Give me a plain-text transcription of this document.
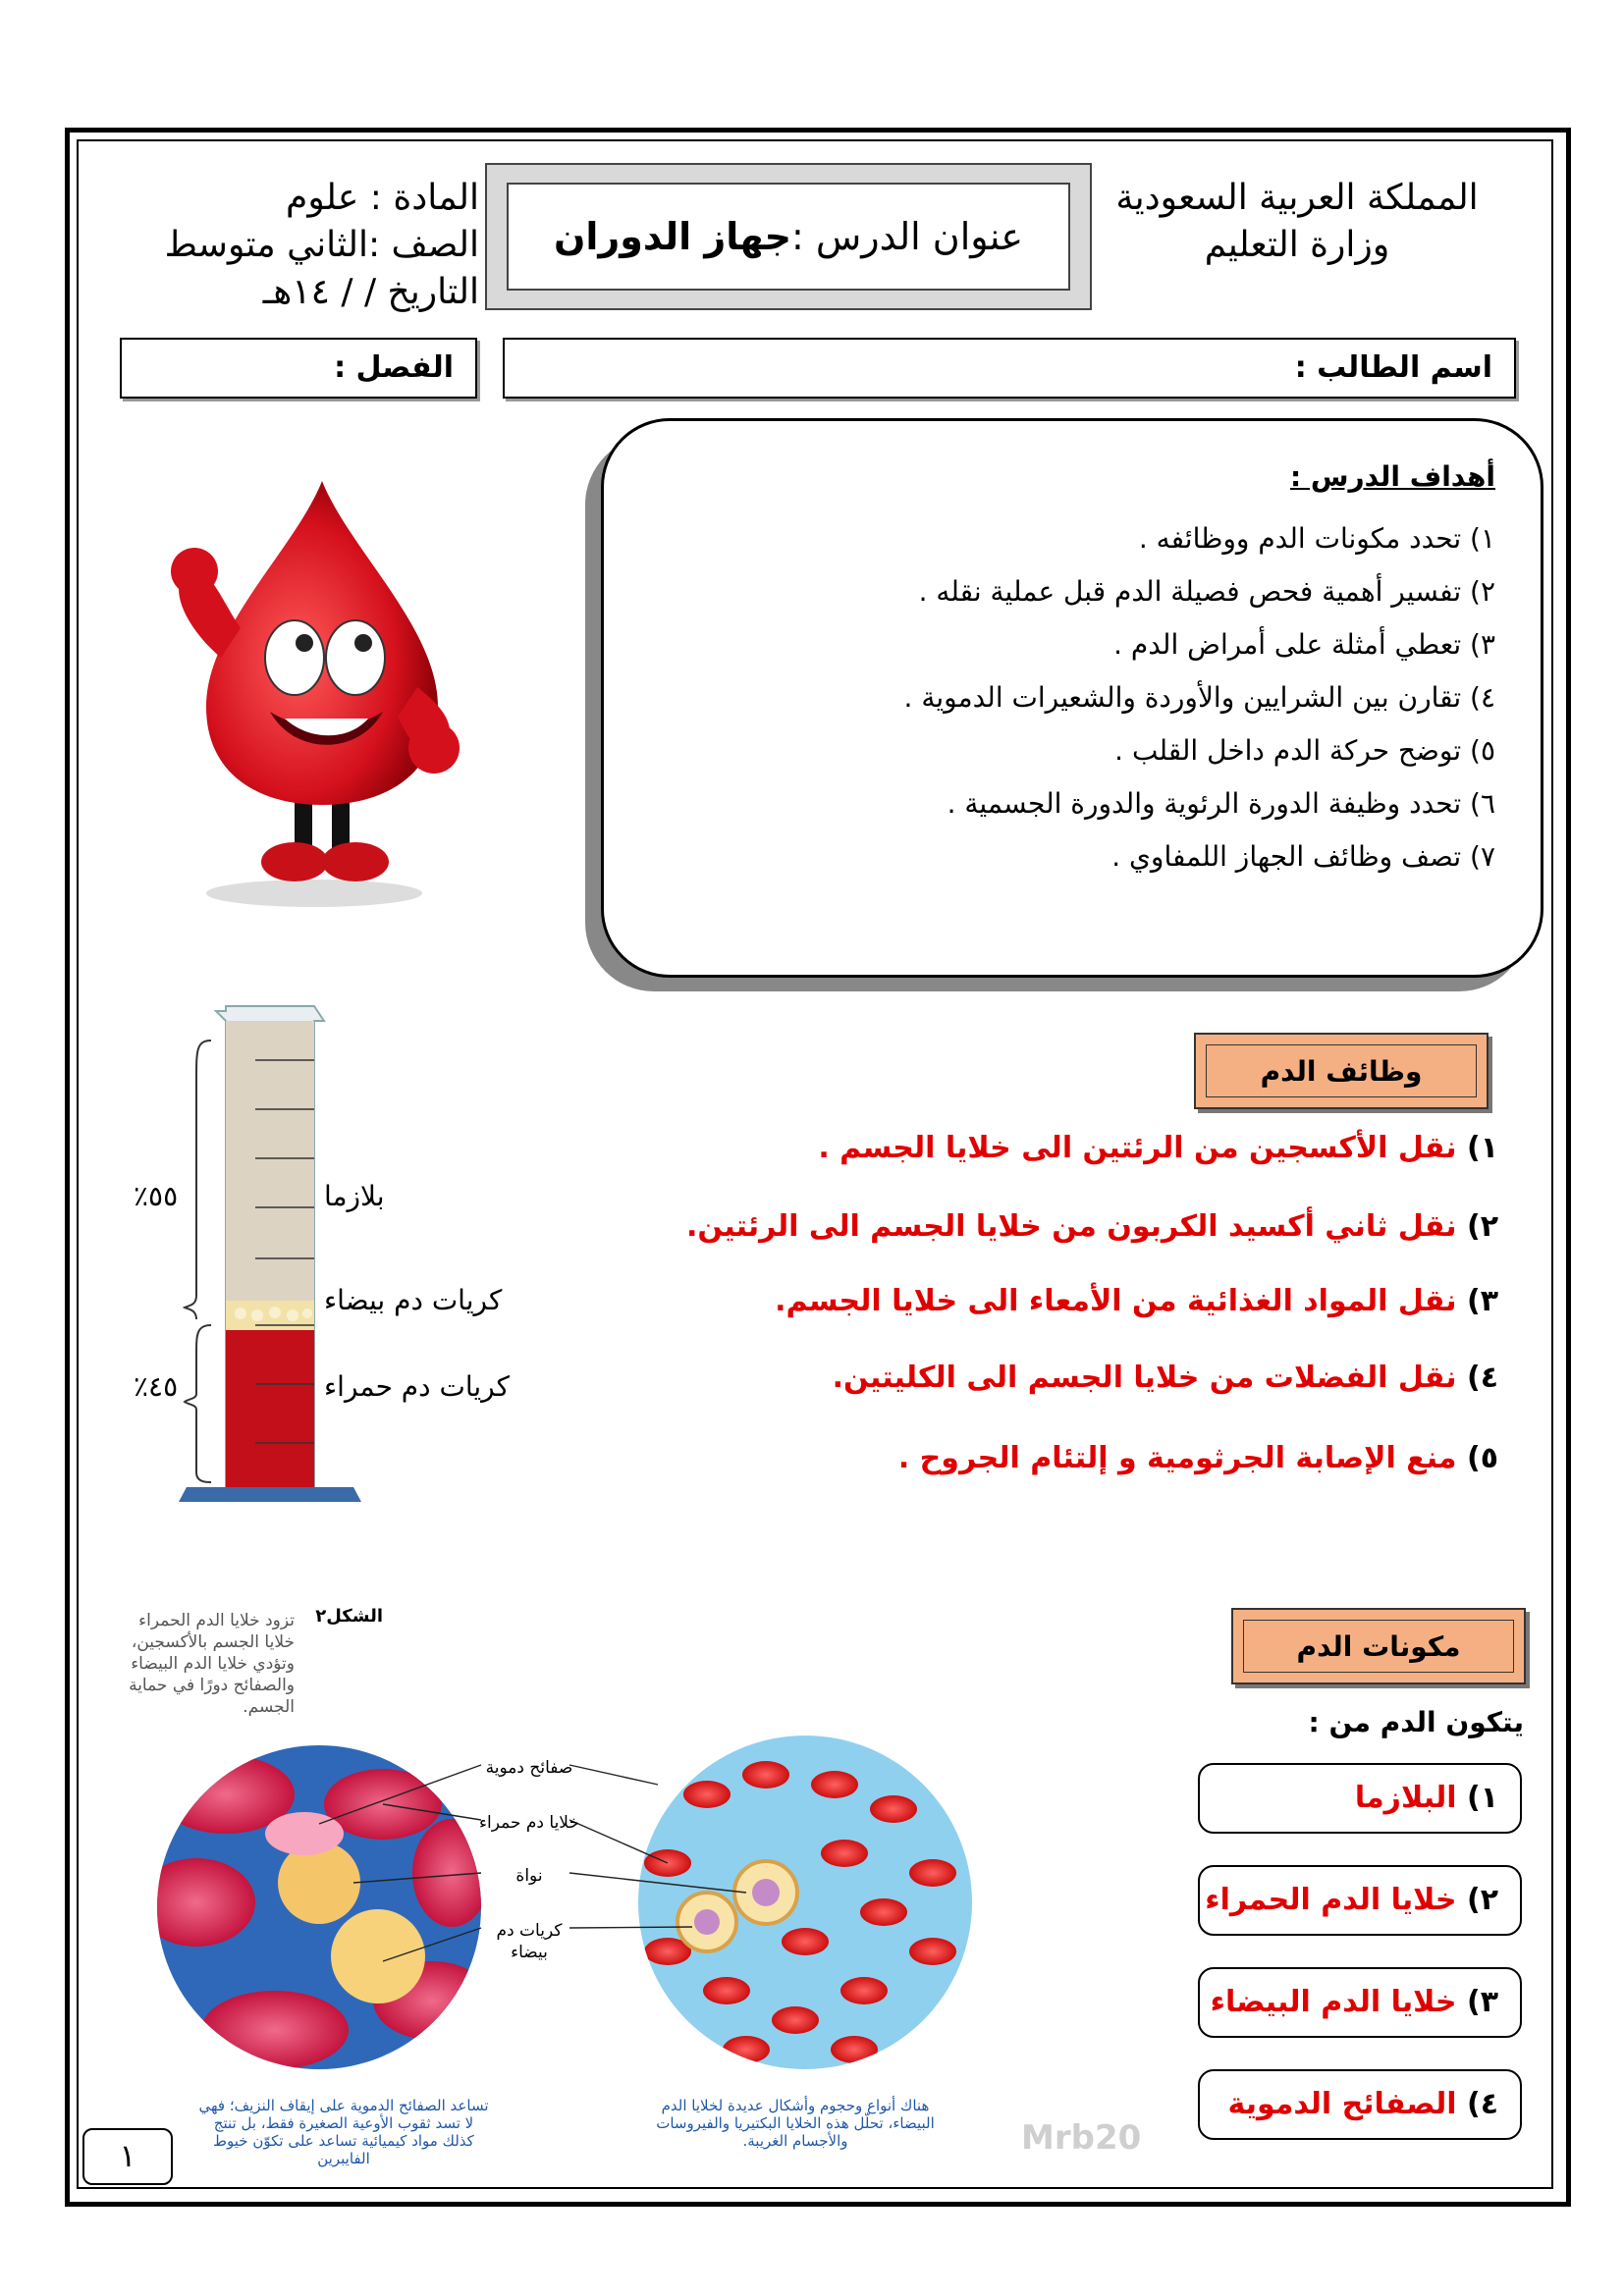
المملكة العربية السعودية
وزارة التعليم
المادة : علوم
الصف :الثاني متوسط
التاريخ / / ١٤هـ
عنوان الدرس :
جهاز الدوران
اسم الطالب :
الفصل :
أهداف الدرس :
١) تحدد مكونات الدم ووظائفه .
٢) تفسير أهمية فحص فصيلة الدم قبل عملية نقله .
٣) تعطي أمثلة على أمراض الدم .
٤) تقارن بين الشرايين والأوردة والشعيرات الدموية .
٥) توضح حركة الدم داخل القلب .
٦) تحدد وظيفة الدورة الرئوية والدورة الجسمية .
٧) تصف وظائف الجهاز اللمفاوي .
وظائف الدم
١) نقل الأكسجين من الرئتين الى خلايا الجسم .
٢) نقل ثاني أكسيد الكربون من خلايا الجسم الى الرئتين.
٣) نقل المواد الغذائية من الأمعاء الى خلايا الجسم.
٤) نقل الفضلات من خلايا الجسم الى الكليتين.
٥) منع الإصابة الجرثومية و إلتئام الجروح .
بلازما
كريات دم بيضاء
كريات دم حمراء
٪٥٥
٪٤٥
مكونات الدم
يتكون الدم من :
١) البلازما
٢) خلايا الدم الحمراء
٣) خلايا الدم البيضاء
٤) الصفائح الدموية
الشكل٢
تزود خلايا الدم الحمراء خلايا الجسم بالأكسجين، وتؤدي خلايا الدم البيضاء والصفائح دورًا في حماية الجسم.
صفائح دموية
خلايا دم حمراء
نواة
كريات دم بيضاء
تساعد الصفائح الدموية على إيقاف النزيف؛ فهي لا تسد ثقوب الأوعية الصغيرة فقط، بل تنتج كذلك مواد كيميائية تساعد على تكوّن خيوط الفايبرين
هناك أنواع وحجوم وأشكال عديدة لخلايا الدم البيضاء، تحلّل هذه الخلايا البكتيريا والفيروسات والأجسام الغريبة.
١	Mrb20
